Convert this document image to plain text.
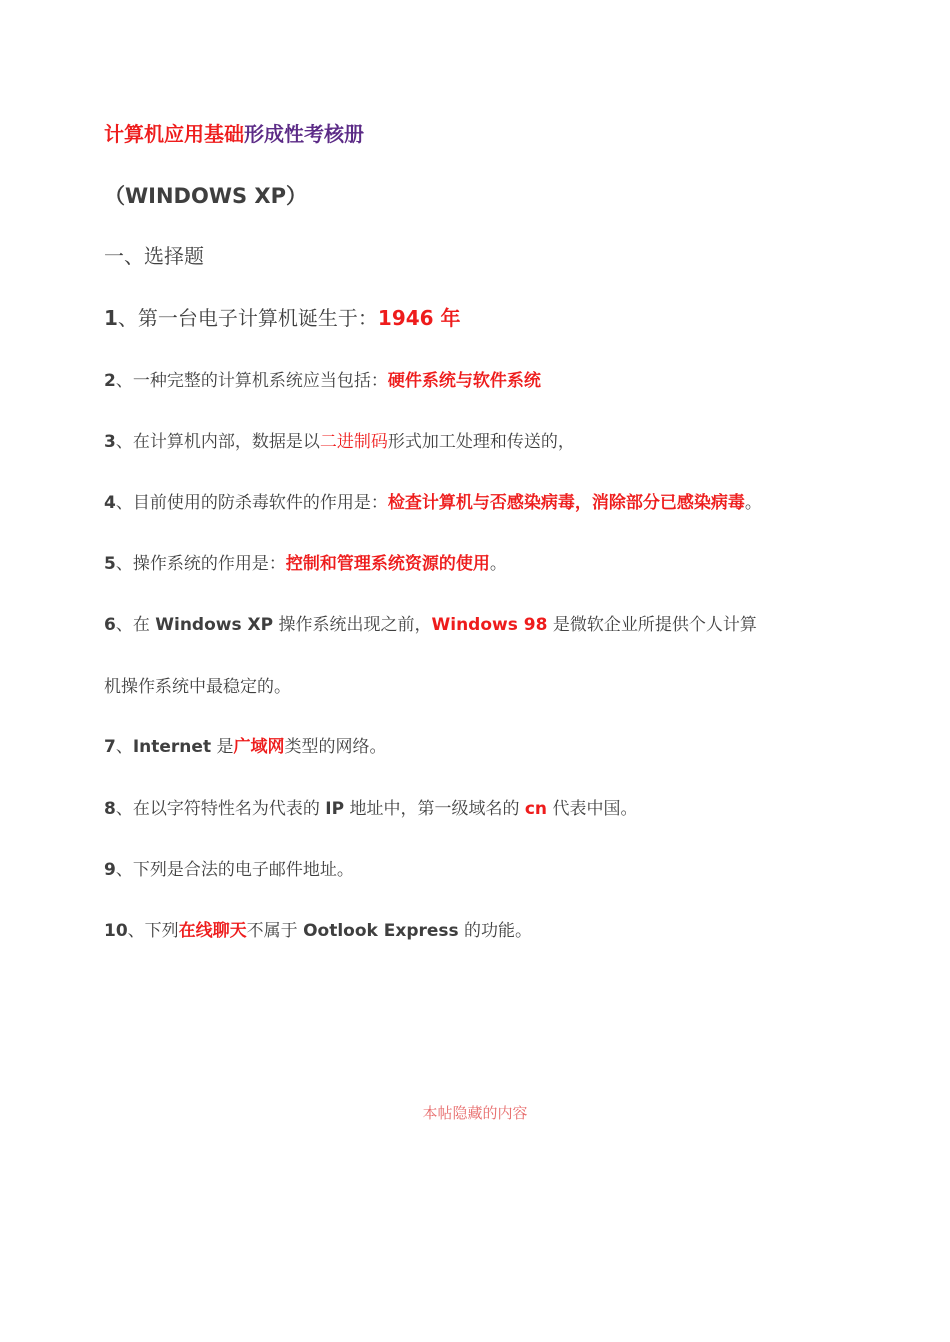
计算机应用基础形成性考核册
（WINDOWS XP）
一、选择题
1、第一台电子计算机诞生于：1946 年
2、一种完整的计算机系统应当包括：硬件系统与软件系统
3、在计算机内部，数据是以二进制码形式加工处理和传送的，
4、目前使用的防杀毒软件的作用是：检查计算机与否感染病毒，消除部分已感染病毒。
5、操作系统的作用是：控制和管理系统资源的使用。
6、在 Windows XP 操作系统出现之前，Windows 98 是微软企业所提供个人计算
机操作系统中最稳定的。
7、Internet 是广域网类型的网络。
8、在以字符特性名为代表的 IP 地址中，第一级域名的 cn 代表中国。
9、下列是合法的电子邮件地址。
10、下列在线聊天不属于 Ootlook Express 的功能。
本帖隐藏的内容
